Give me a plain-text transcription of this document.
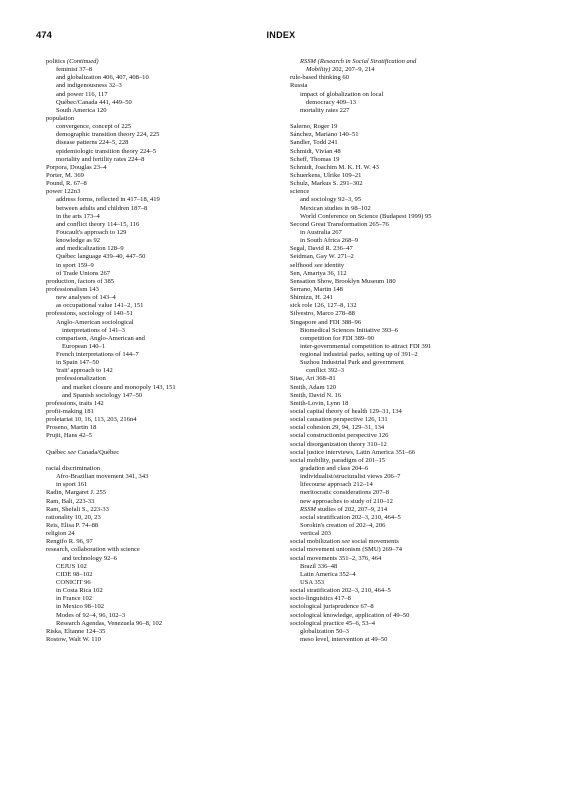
474	INDEX
politics (Continued)
feminist 37–8
and globalization 406, 407, 408–10
and indigenousness 32–3
and power 116, 117
Québec/Canada 441, 449–50
South America 120
population
convergence, concept of 225
demographic transition theory 224, 225
disease patterns 224–5, 228
epidemiologic transition theory 224–5
mortality and fertility rates 224–8
Porpora, Douglas 23–4
Porter, M. 369
Pound, R. 67–8
power 122n3
address forms, reflected in 417–18, 419
between adults and children 187–8
in the arts 173–4
and conflict theory 114–15, 116
Foucault's approach to 129
knowledge as 92
and medicalization 128–9
Québec language 439–40, 447–50
in sport 159–9
of Trade Unions 267
production, factors of 385
professionalism 143
new analyses of 143–4
as occupational value 141–2, 151
professions, sociology of 140–51
Anglo-American sociological
interpretations of 141–3
comparison, Anglo-American and
European 140–1
French interpretations of 144–7
in Spain 147–50
'trait' approach to 142
professionalization
and market closure and monopoly 143, 151
and Spanish sociology 147–50
professions, traits 142
profit-making 181
proletariat 10, 16, 113, 203, 216n4
Proseno, Martin 18
Prujit, Hans 42–5
Québec see Canada/Québec
racial discrimination
Afro-Brazilian movement 341, 343
in sport 161
Radin, Margaret J. 255
Ram, Bali, 223-33
Ram, Shefali S., 223-33
rationality 10, 20, 23
Reis, Elisa P. 74–88
religion 24
Rengifo R. 96, 97
research, collaboration with science
and technology 92–6
CEJUS 102
CIDE 98–102
CONICIT 96
in Costa Rica 102
in France 102
in Mexico 98–102
Modes of 92–4, 96, 102–3
Research Agendas, Venezuela 96–8, 102
Riska, Elianne 124–35
Rostow, Walt W. 110
RSSM (Research in Social Stratification and
Mobility) 202, 207–9, 214
rule-based thinking 60
Russia
impact of globalization on local
democracy 409–13
mortality rates 227
Salerno, Roger 19
Sánchez, Mariano 140–51
Sandler, Todd 241
Schmidt, Vivian 48
Scheff, Thomas 19
Schmidt, Joachim M. K. H. W. 43
Schuerkens, Ulrike 109–21
Schulz, Markus S. 291–302
science
and sociology 92–3, 95
Mexican studies in 98–102
World Conference on Science (Budapest 1999) 95
Second Great Transformation 265–76
in Australia 267
in South Africa 268–9
Segal, David R. 236–47
Seidman, Gay W. 271–2
selfhood see identity
Sen, Amartya 36, 112
Sensation Show, Brooklyn Museum 180
Serrano, Martin 148
Shimizu, H. 241
sick role 126, 127–8, 132
Silvestro, Marco 278–88
Singapore and FDI 388–96
Biomedical Sciences Initiative 393–6
competition for FDI 389–90
inter-governmental competition to attract FDI 391
regional industrial parks, setting up of 391–2
Suzhou Industrial Park and government
conflict 392–3
Sitas, Ari 368–81
Smith, Adam 120
Smith, David N. 16
Smith-Lovin, Lynn 18
social capital theory of health 129–31, 134
social causation perspective 126, 131
social cohesion 29, 94, 129–31, 134
social constructionist perspective 126
social disorganization theory 310–12
social justice interviews, Latin America 351–66
social mobility, paradigm of 201–15
gradation and class 204–6
individualist/structuralist views 206–7
lifecourse approach 212–14
meritocratic considerations 207–8
new approaches to study of 210–12
RSSM studies of 202, 207–9, 214
social stratification 202–3, 210, 464–5
Sorokin's creation of 202–4, 206
vertical 203
social mobilization see social movements
social movement unionism (SMU) 269–74
social movements 351–2, 376, 464
Brazil 336–48
Latin America 352–4
USA 353
social stratification 202–3, 210, 464–5
socio-linguistics 417–8
sociological jurisprudence 67–8
sociological knowledge, application of 49–50
sociological practice 45–6, 53–4
globalization 50–3
meso level, intervention at 49–50
